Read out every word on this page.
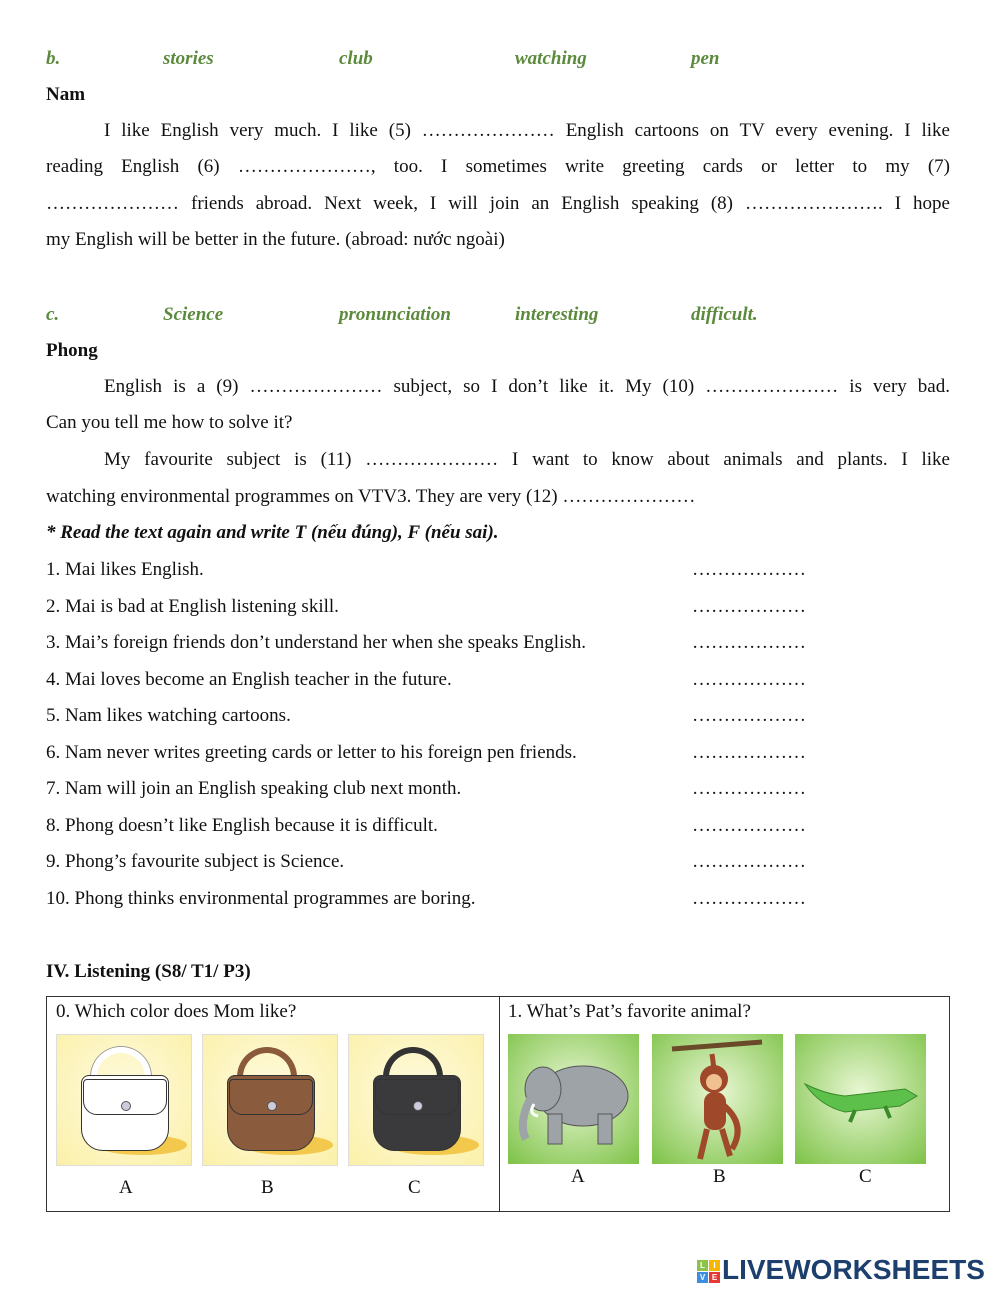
b.	stories	club	watching	pen
Nam
I like English very much. I like (5) ………………… English cartoons on TV every evening. I like
reading English (6) …………………, too. I sometimes write greeting cards or letter to my (7)
………………… friends abroad. Next week, I will join an English speaking (8) …………………. I hope
my English will be better in the future. (abroad: nước ngoài)
c.	Science	pronunciation	interesting	difficult.
Phong
English is a (9) ………………… subject, so I don’t like it. My (10) ………………… is very bad.
Can you tell me how to solve it?
My favourite subject is (11) ………………… I want to know about animals and plants. I like
watching environmental programmes on VTV3. They are very (12) …………………
* Read the text again and write T (nếu đúng), F (nếu sai).
1. Mai likes English.	………………
2. Mai is bad at English listening skill.	………………
3. Mai’s foreign friends don’t understand her when she speaks English.	………………
4. Mai loves become an English teacher in the future.	………………
5. Nam likes watching cartoons.	………………
6. Nam never writes greeting cards or letter to his foreign pen friends.	………………
7. Nam will join an English speaking club next month.	………………
8. Phong doesn’t like English because it is difficult.	………………
9. Phong’s favourite subject is Science.	………………
10. Phong thinks environmental programmes are boring.	………………
IV. Listening (S8/ T1/ P3)
0. Which color does Mom like?	1. What’s Pat’s favorite animal?
A	B	C
A	B	C
L	I
V E LIVEWORKSHEETS
